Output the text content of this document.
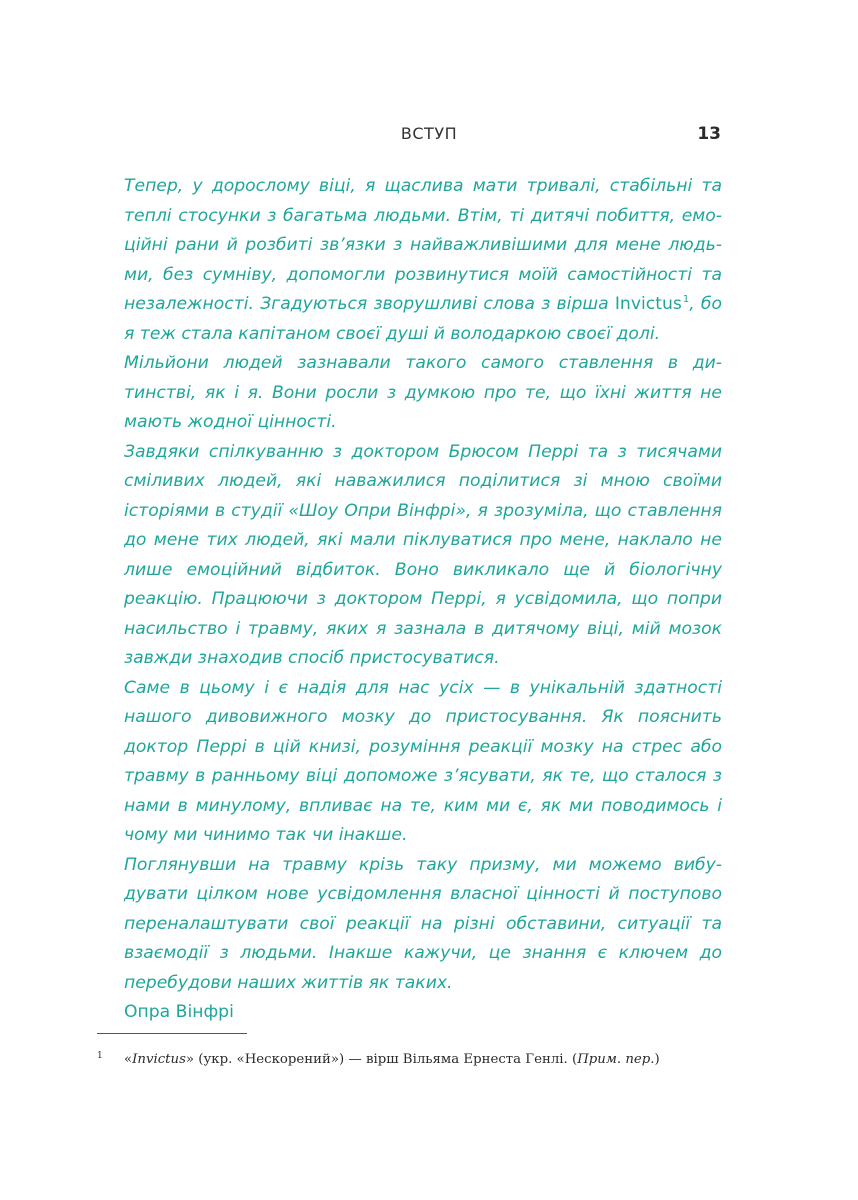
ВСТУП	13

Тепер, у дорослому віці, я щаслива мати тривалі, стабільні та теплі стосунки з багатьма людьми. Втім, ті дитячі побиття, емоційні рани й розбиті зв’язки з найважливішими для мене людьми, без сумніву, допомогли розвинутися моїй самостійності та незалежності. Згадуються зворушливі слова з вірша Invictus$^1$, бо я теж стала капітаном своєї душі й володаркою своєї долі.

Мільйони людей зазнавали такого самого ставлення в дитинстві, як і я. Вони росли з думкою про те, що їхні життя не мають жодної цінності.

Завдяки спілкуванню з доктором Брюсом Перрі та з тисячами сміливих людей, які наважилися поділитися зі мною своїми історіями в студії «Шоу Опри Вінфрі», я зрозуміла, що ставлення до мене тих людей, які мали піклуватися про мене, наклало не лише емоційний відбиток. Воно викликало ще й біологічну реакцію. Працюючи з доктором Перрі, я усвідомила, що попри насильство і травму, яких я зазнала в дитячому віці, мій мозок завжди знаходив спосіб пристосуватися.

Саме в цьому і є надія для нас усіх — в унікальній здатності нашого дивовижного мозку до пристосування. Як пояснить доктор Перрі в цій книзі, розуміння реакції мозку на стрес або травму в ранньому віці допоможе з’ясувати, як те, що сталося з нами в минулому, впливає на те, ким ми є, як ми поводимось і чому ми чинимо так чи інакше.

Поглянувши на травму крізь таку призму, ми можемо вибудувати цілком нове усвідомлення власної цінності й поступово переналаштувати свої реакції на різні обставини, ситуації та взаємодії з людьми. Інакше кажучи, це знання є ключем до перебудови наших життів як таких.

Опра Вінфрі

1 «Invictus» (укр. «Нескорений») — вірш Вільяма Ернеста Генлі. (Прим. пер.)
